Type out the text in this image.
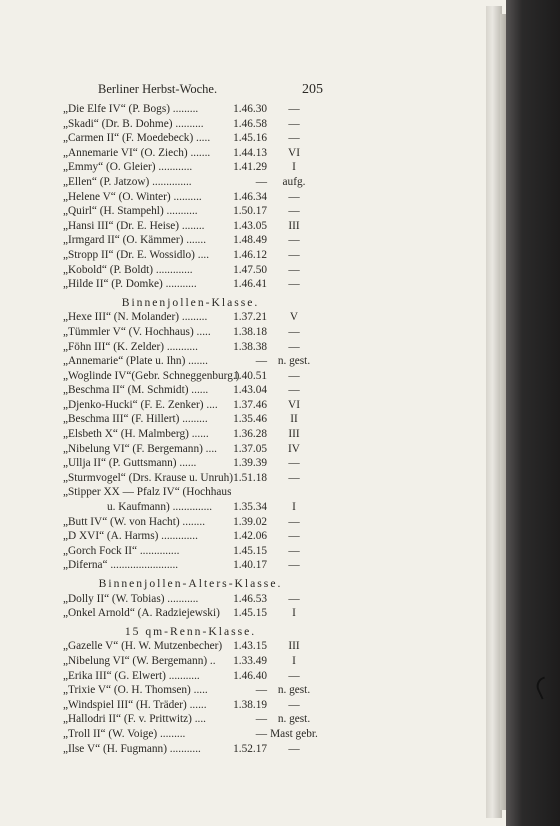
Berliner Herbst-Woche.	205
„Die Elfe IV“ (P. Bogs) .........	1.46.30	—
„Skadi“ (Dr. B. Dohme) ..........	1.46.58	—
„Carmen II“ (F. Moedebeck) ..... 1.45.16	—
„Annemarie VI“ (O. Ziech) ....... 1.44.13	VI
„Emmy“ (O. Gleier) ............	1.41.29	I
„Ellen“ (P. Jatzow) ..............	—	aufg.
„Helene V“ (O. Winter) ..........	1.46.34	—
„Quirl“ (H. Stampehl) ...........	1.50.17	—
„Hansi III“ (Dr. E. Heise) ........	1.43.05	III
„Irmgard II“ (O. Kämmer) ....... 1.48.49	—
„Stropp II“ (Dr. E. Wossidlo) .... 1.46.12	—
„Kobold“ (P. Boldt) .............	1.47.50	—
„Hilde II“ (P. Domke) ...........	1.46.41	—
Binnenjollen-Klasse.
„Hexe III“ (N. Molander) ......... 1.37.21	V
„Tümmler V“ (V. Hochhaus) ..... 1.38.18	—
„Föhn III“ (K. Zelder) ...........	1.38.38	—
„Annemarie“ (Plate u. Ihn) .......	— n. gest.
„Woglinde IV“(Gebr. Schneggenburg.)
1.40.51	—
„Beschma II“ (M. Schmidt) ...... 1.43.04	—
„Djenko-Hucki“ (F. E. Zenker) .... 1.37.46	VI
„Beschma III“ (F. Hillert) ......... 1.35.46	II
„Elsbeth X“ (H. Malmberg) ...... 1.36.28	III
„Nibelung VI“ (F. Bergemann) .... 1.37.05	IV
„Ullja II“ (P. Guttsmann) ......	1.39.39	—
„Sturmvogel“ (Drs. Krause u. Unruh) 1.51.18	—
„Stipper XX — Pfalz IV“ (Hochhaus
u. Kaufmann) .............. 1.35.34	I
„Butt IV“ (W. von Hacht) ........ 1.39.02	—
„D XVI“ (A. Harms) .............	1.42.06	—
„Gorch Fock II“ ..............	1.45.15	—
„Diferna“ ........................	1.40.17	—
Binnenjollen-Alters-Klasse.
„Dolly II“ (W. Tobias) ...........	1.46.53	—
„Onkel Arnold“ (A. Radziejewski) 1.45.15	I
15 qm-Renn-Klasse.
„Gazelle V“ (H. W. Mutzenbecher) 1.43.15	III
„Nibelung VI“ (W. Bergemann) .. 1.33.49	I
„Erika III“ (G. Elwert) ...........	1.46.40	—
„Trixie V“ (O. H. Thomsen) .....	— n. gest.
„Windspiel III“ (H. Träder) ...... 1.38.19	—
„Hallodri II“ (F. v. Prittwitz) ....	— n. gest.
„Troll II“ (W. Voige) .........	— Mast gebr.
„Ilse V“ (H. Fugmann) ...........	1.52.17	—
